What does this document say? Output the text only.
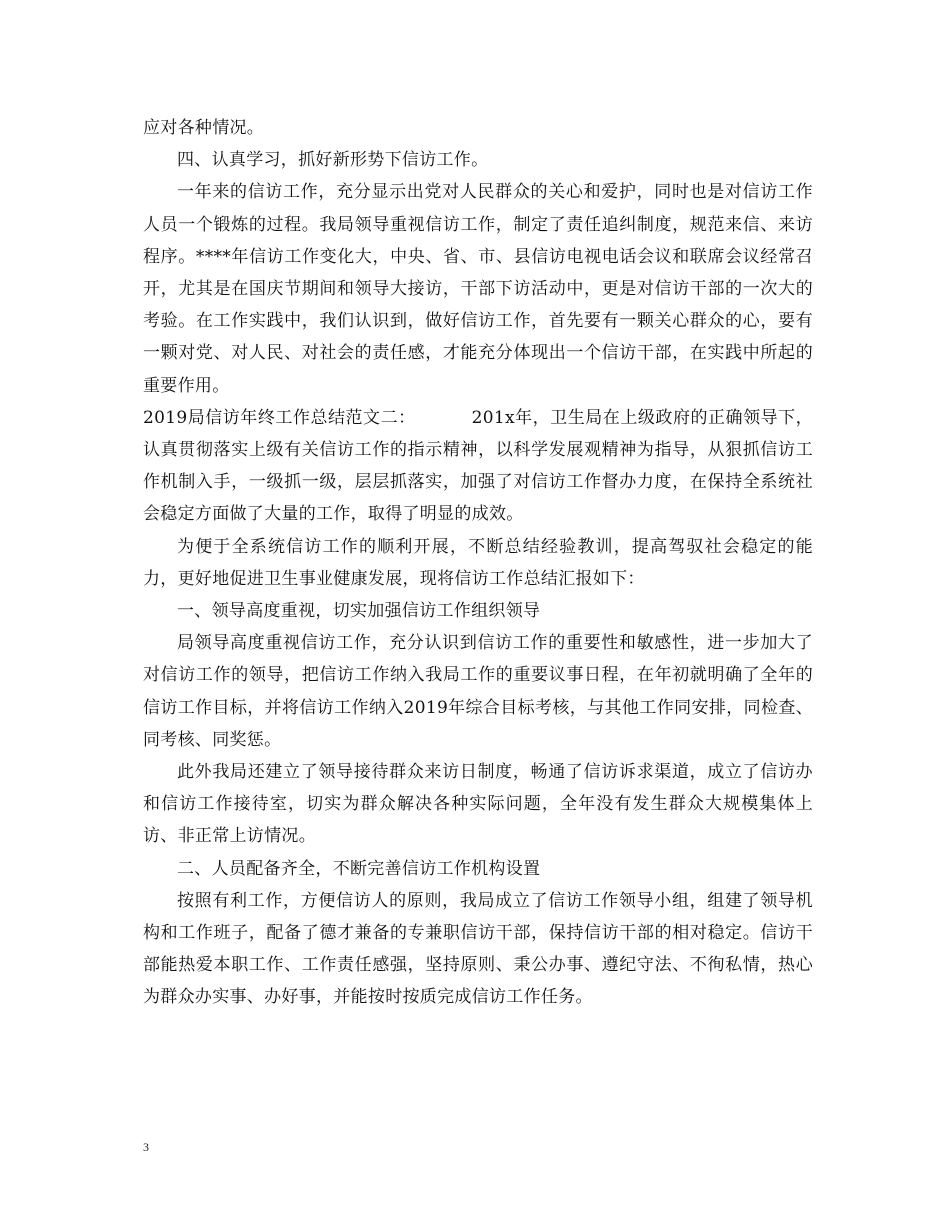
应对各种情况。

四、认真学习，抓好新形势下信访工作。

一年来的信访工作，充分显示出党对人民群众的关心和爱护，同时也是对信访工作人员一个锻炼的过程。我局领导重视信访工作，制定了责任追纠制度，规范来信、来访程序。****年信访工作变化大，中央、省、市、县信访电视电话会议和联席会议经常召开，尤其是在国庆节期间和领导大接访，干部下访活动中，更是对信访干部的一次大的考验。在工作实践中，我们认识到，做好信访工作，首先要有一颗关心群众的心，要有一颗对党、对人民、对社会的责任感，才能充分体现出一个信访干部，在实践中所起的重要作用。

2019局信访年终工作总结范文二：	201x年，卫生局在上级政府的正确领导下，认真贯彻落实上级有关信访工作的指示精神，以科学发展观精神为指导，从狠抓信访工作机制入手，一级抓一级，层层抓落实，加强了对信访工作督办力度，在保持全系统社会稳定方面做了大量的工作，取得了明显的成效。

为便于全系统信访工作的顺利开展，不断总结经验教训，提高驾驭社会稳定的能力，更好地促进卫生事业健康发展，现将信访工作总结汇报如下：

一、领导高度重视，切实加强信访工作组织领导

局领导高度重视信访工作，充分认识到信访工作的重要性和敏感性，进一步加大了对信访工作的领导，把信访工作纳入我局工作的重要议事日程，在年初就明确了全年的信访工作目标，并将信访工作纳入2019年综合目标考核，与其他工作同安排，同检查、同考核、同奖惩。

此外我局还建立了领导接待群众来访日制度，畅通了信访诉求渠道，成立了信访办和信访工作接待室，切实为群众解决各种实际问题，全年没有发生群众大规模集体上访、非正常上访情况。

二、人员配备齐全，不断完善信访工作机构设置

按照有利工作，方便信访人的原则，我局成立了信访工作领导小组，组建了领导机构和工作班子，配备了德才兼备的专兼职信访干部，保持信访干部的相对稳定。信访干部能热爱本职工作、工作责任感强，坚持原则、秉公办事、遵纪守法、不徇私情，热心为群众办实事、办好事，并能按时按质完成信访工作任务。

3
